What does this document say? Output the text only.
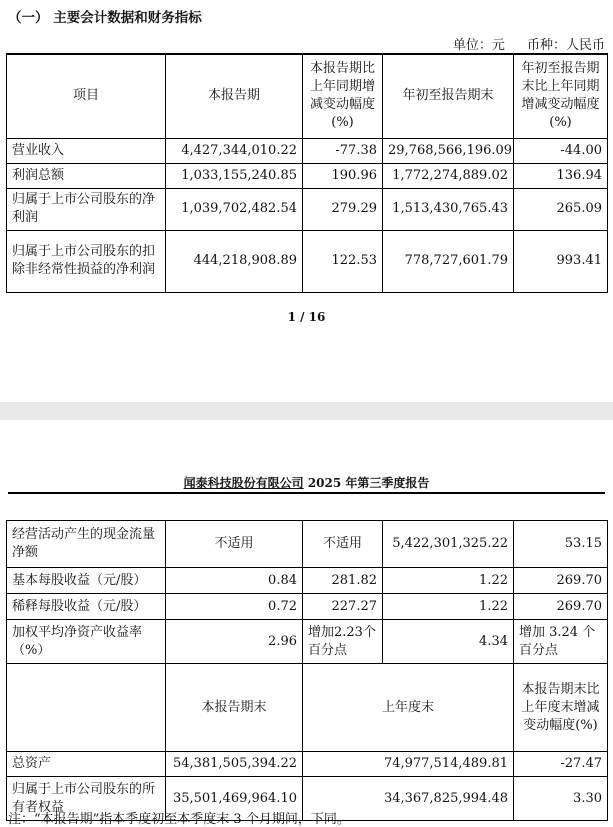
（一） 主要会计数据和财务指标
单位：元 币种：人民币
项目	本报告期	本报告期比上年同期增减变动幅度(%)	年初至报告期末	年初至报告期末比上年同期增减变动幅度(%)
营业收入	4,427,344,010.22	-77.38	29,768,566,196.09	-44.00
利润总额	1,033,155,240.85	190.96	1,772,274,889.02	136.94
归属于上市公司股东的净利润	1,039,702,482.54	279.29	1,513,430,765.43	265.09
归属于上市公司股东的扣除非经常性损益的净利润	444,218,908.89	122.53	778,727,601.79	993.41
1 / 16
闻泰科技股份有限公司 2025 年第三季度报告
经营活动产生的现金流量净额	不适用	不适用	5,422,301,325.22	53.15
基本每股收益（元/股）	0.84	281.82	1.22	269.70
稀释每股收益（元/股）	0.72	227.27	1.22	269.70
加权平均净资产收益率（%）	2.96	增加2.23个百分点	4.34	增加 3.24 个百分点
	本报告期末	上年度末		本报告期末比上年度末增减变动幅度(%)
总资产	54,381,505,394.22	74,977,514,489.81		-27.47
归属于上市公司股东的所有者权益	35,501,469,964.10	34,367,825,994.48		3.30
注：“本报告期”指本季度初至本季度末 3 个月期间，下同。
